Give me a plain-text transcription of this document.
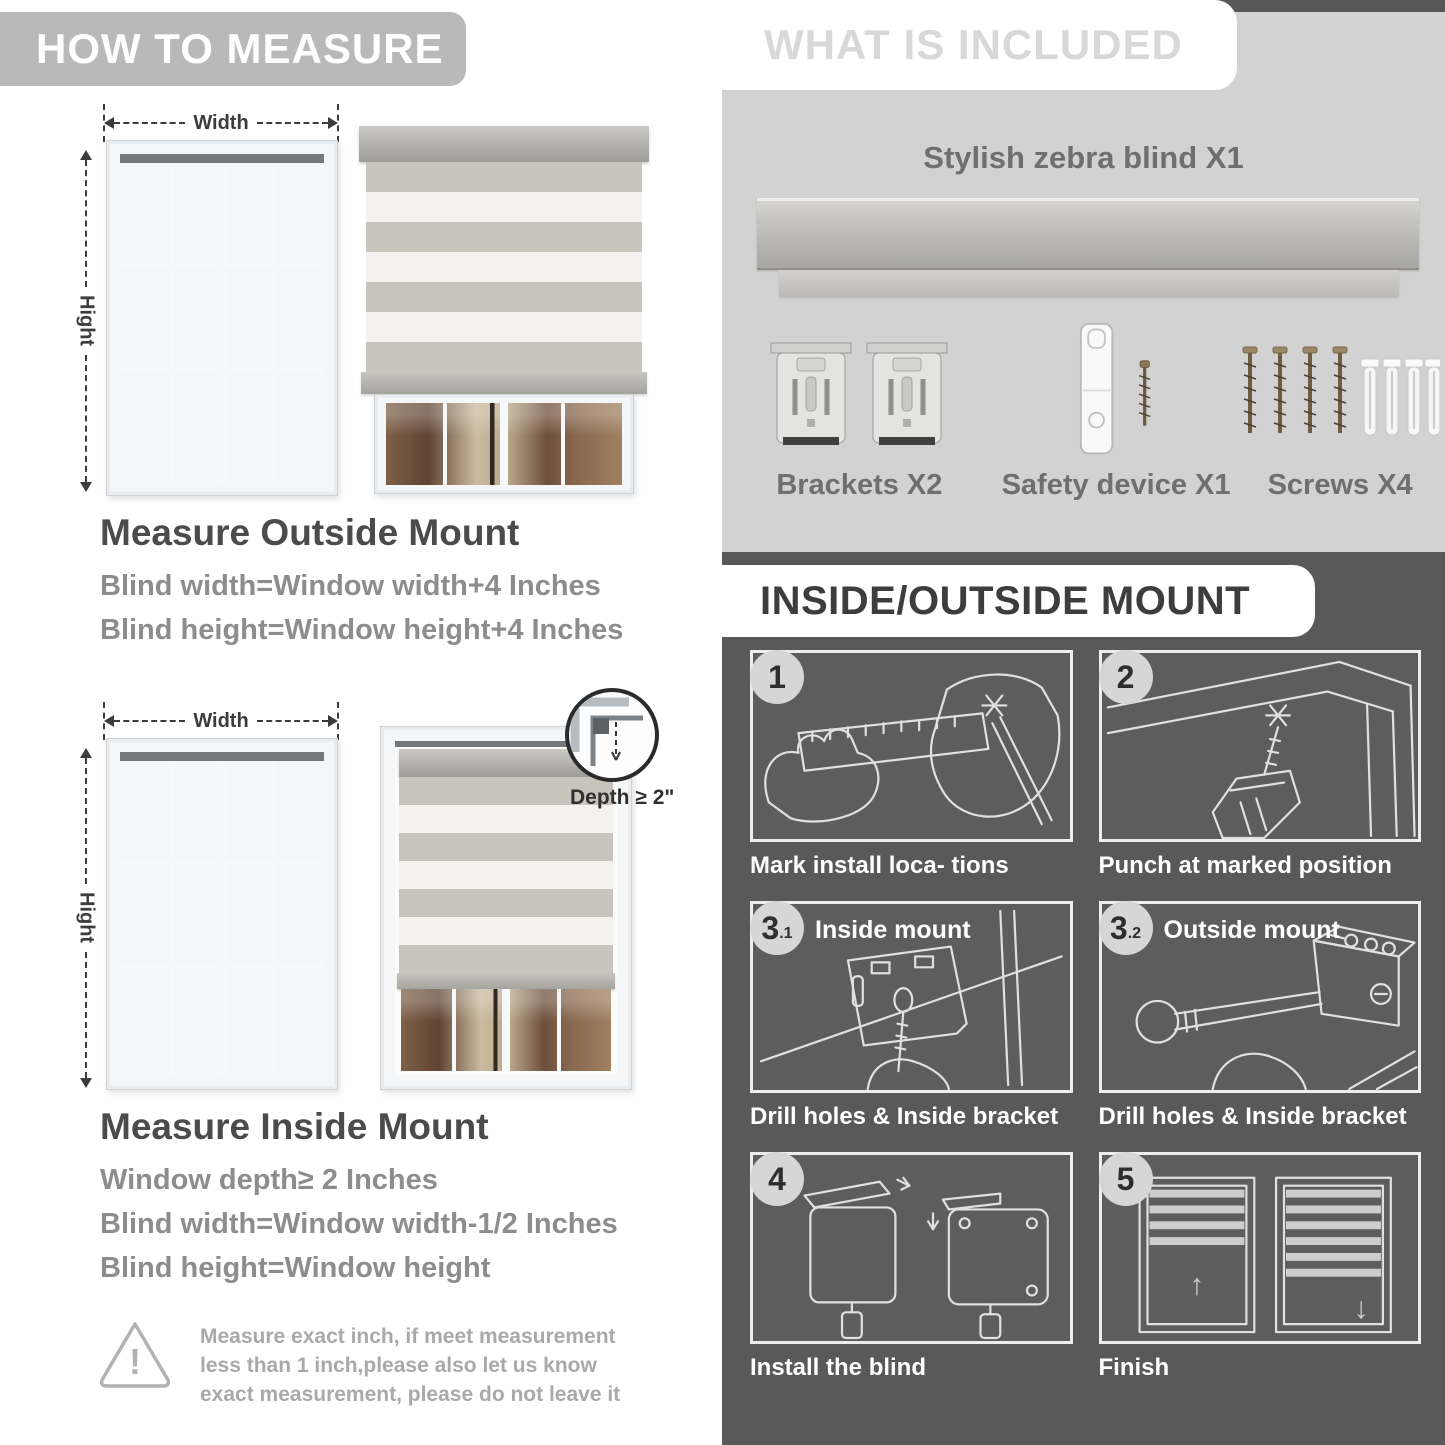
HOW TO MEASURE
Width
Hight
Measure Outside Mount

Blind width=Window width+4 Inches

Blind height=Window height+4 Inches

Width
Hight
Depth ≥ 2"
Measure Inside Mount

Window depth≥ 2 Inches

Blind width=Window width-1/2 Inches

Blind height=Window height

!

Measure exact inch, if meet measurement less than 1 inch,please also let us know exact measurement, please do not leave it

WHAT IS INCLUDED
Stylish zebra blind X1
Brackets X2 Safety device X1 Screws X4
INSIDE/OUTSIDE MOUNT
1
Mark install loca- tions
2
Punch at marked position
3 .1 Inside mount
Drill holes & Inside bracket
3 .2 Outside mount
Drill holes & Inside bracket
4
Install the blind
5
↑
↓
Finish
